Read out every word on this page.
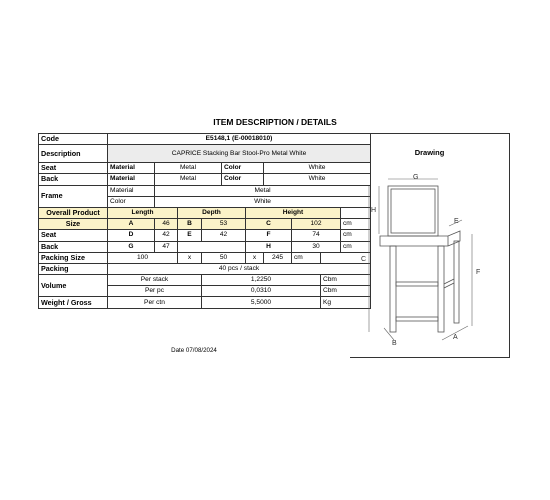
ITEM DESCRIPTION / DETAILS
Code	E5148,1 (E-00018010)									
Description	CAPRICE Stacking Bar Stool-Pro Metal White									
Seat	Material	Metal			Color		White			
Back	Material	Metal			Color		White			
Frame	Material	Metal								
	Color	White								
Overall Product	Length		Depth			Height				
Size	A	46	B	53		C		102		cm
Seat	D	42	E	42		F		74		cm
Back	G	47				H		30		cm
Packing Size	100		x	50		x	245	cm		
Packing	40 pcs / stack									
Volume	Per stack			1,2250					Cbm	
	Per pc			0,0310					Cbm	
Weight / Gross	Per ctn			5,5000					Kg	
Date 07/08/2024
Drawing
G
H
C
E
F
B
A
